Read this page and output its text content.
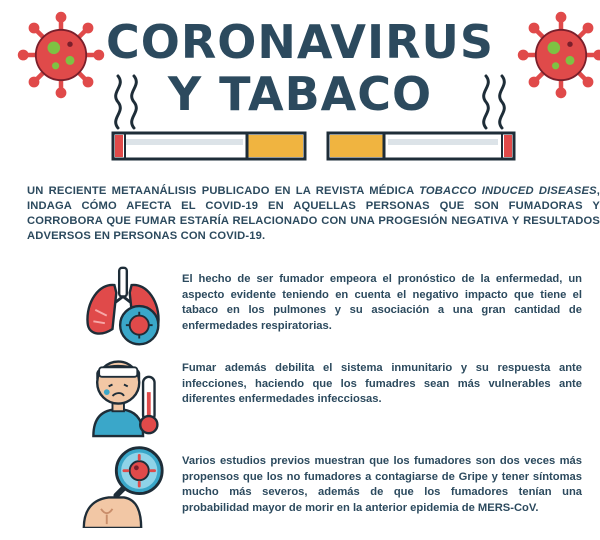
CORONAVIRUS
Y TABACO
UN RECIENTE METAANÁLISIS PUBLICADO EN LA REVISTA MÉDICA TOBACCO INDUCED DISEASES, INDAGA CÓMO AFECTA EL COVID-19 EN AQUELLAS PERSONAS QUE SON FUMADORAS Y CORROBORA QUE FUMAR ESTARÍA RELACIONADO CON UNA PROGESIÓN NEGATIVA Y RESULTADOS ADVERSOS EN PERSONAS CON COVID-19.
El hecho de ser fumador empeora el pronóstico de la enfermedad, un aspecto evidente teniendo en cuenta el negativo impacto que tiene el tabaco en los pulmones y su asociación a una gran cantidad de enfermedades respiratorias.
Fumar además debilita el sistema inmunitario y su respuesta ante infecciones, haciendo que los fumadres sean más vulnerables ante diferentes enfermedades infecciosas.
Varios estudios previos muestran que los fumadores son dos veces más propensos que los no fumadores a contagiarse de Gripe y tener síntomas mucho más severos, además de que los fumadores tenían una probabilidad mayor de morir en la anterior epidemia de MERS-CoV.
